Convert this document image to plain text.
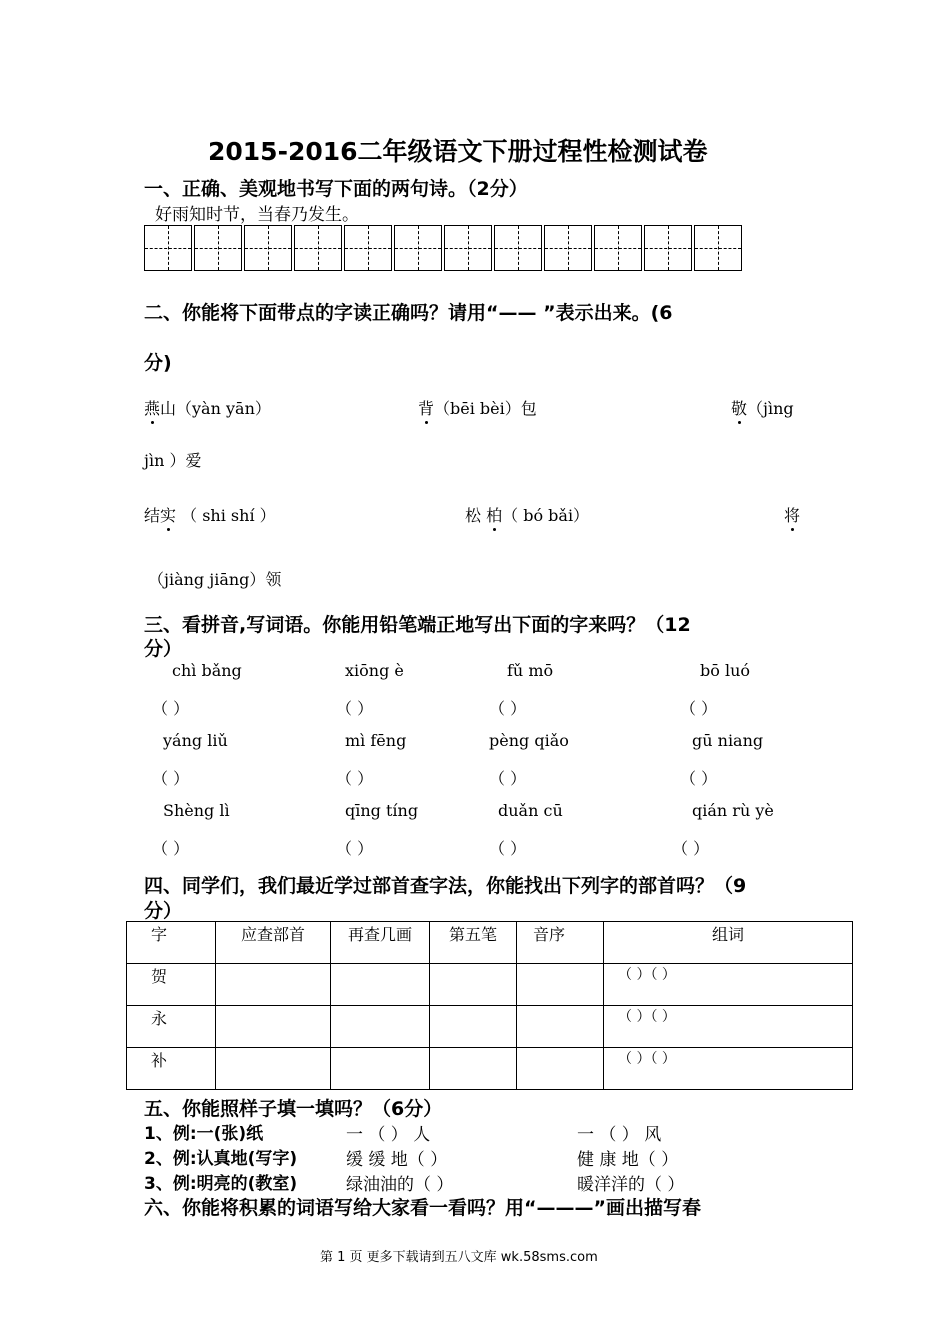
2015-2016二年级语文下册过程性检测试卷
一、正确、美观地书写下面的两句诗。（2分）
好雨知时节，当春乃发生。
二、你能将下面带点的字读正确吗？请用“—— ”表示出来。(6
分)
燕山（yàn yān）	背（bēi bèi）包	敬（jìng
jìn ）爱
结实 （ shi shí ）	松 柏（ bó bǎi）	将
（jiàng jiāng）领
三、看拼音,写词语。你能用铅笔端正地写出下面的字来吗？（12
分）
chì bǎng	xiōng è	fǔ mō	bō luó
（ ）	（ ）	（ ）	（ ）
yáng liǔ	mì fēng	pèng qiǎo	gū niang
（ ）	（ ）	（ ）	（ ）
Shèng lì	qīng tíng	duǎn cū	qián rù yè
（ ）	（ ）	（ ）	（ ）
四、同学们，我们最近学过部首查字法，你能找出下列字的部首吗？（9
分）
字	应查部首	再查几画	第五笔	音序	组词
贺					（ ）（ ）
永					（ ）（ ）
补					（ ）（ ）
五、你能照样子填一填吗？（6分）
1、例:一(张)纸	一 （ ） 人	一 （ ） 风
2、例:认真地(写字)	缓 缓 地（ ）	健 康 地（ ）
3、例:明亮的(教室)	绿油油的（ ）	暖洋洋的（ ）
六、你能将积累的词语写给大家看一看吗？用“———”画出描写春
第 1 页 更多下载请到五八文库 wk.58sms.com
